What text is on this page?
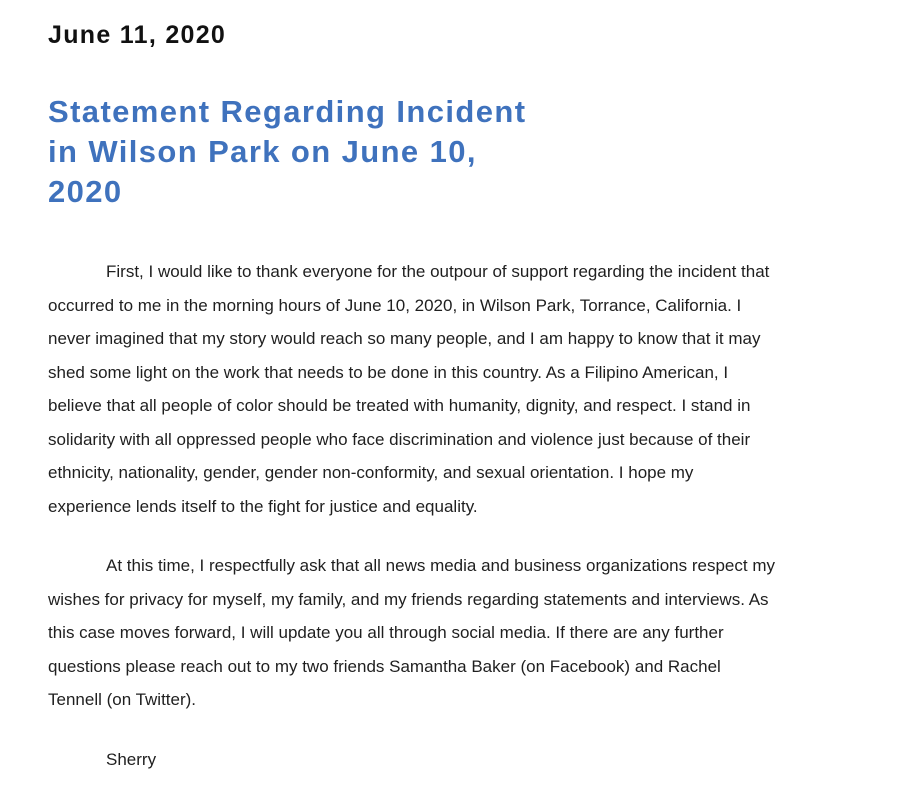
June 11, 2020
Statement Regarding Incident
in Wilson Park on June 10,
2020
First, I would like to thank everyone for the outpour of support regarding the incident that
occurred to me in the morning hours of June 10, 2020, in Wilson Park, Torrance, California. I
never imagined that my story would reach so many people, and I am happy to know that it may
shed some light on the work that needs to be done in this country. As a Filipino American, I
believe that all people of color should be treated with humanity, dignity, and respect. I stand in
solidarity with all oppressed people who face discrimination and violence just because of their
ethnicity, nationality, gender, gender non-conformity, and sexual orientation. I hope my
experience lends itself to the fight for justice and equality.
At this time, I respectfully ask that all news media and business organizations respect my
wishes for privacy for myself, my family, and my friends regarding statements and interviews. As
this case moves forward, I will update you all through social media. If there are any further
questions please reach out to my two friends Samantha Baker (on Facebook) and Rachel
Tennell (on Twitter).
Sherry
